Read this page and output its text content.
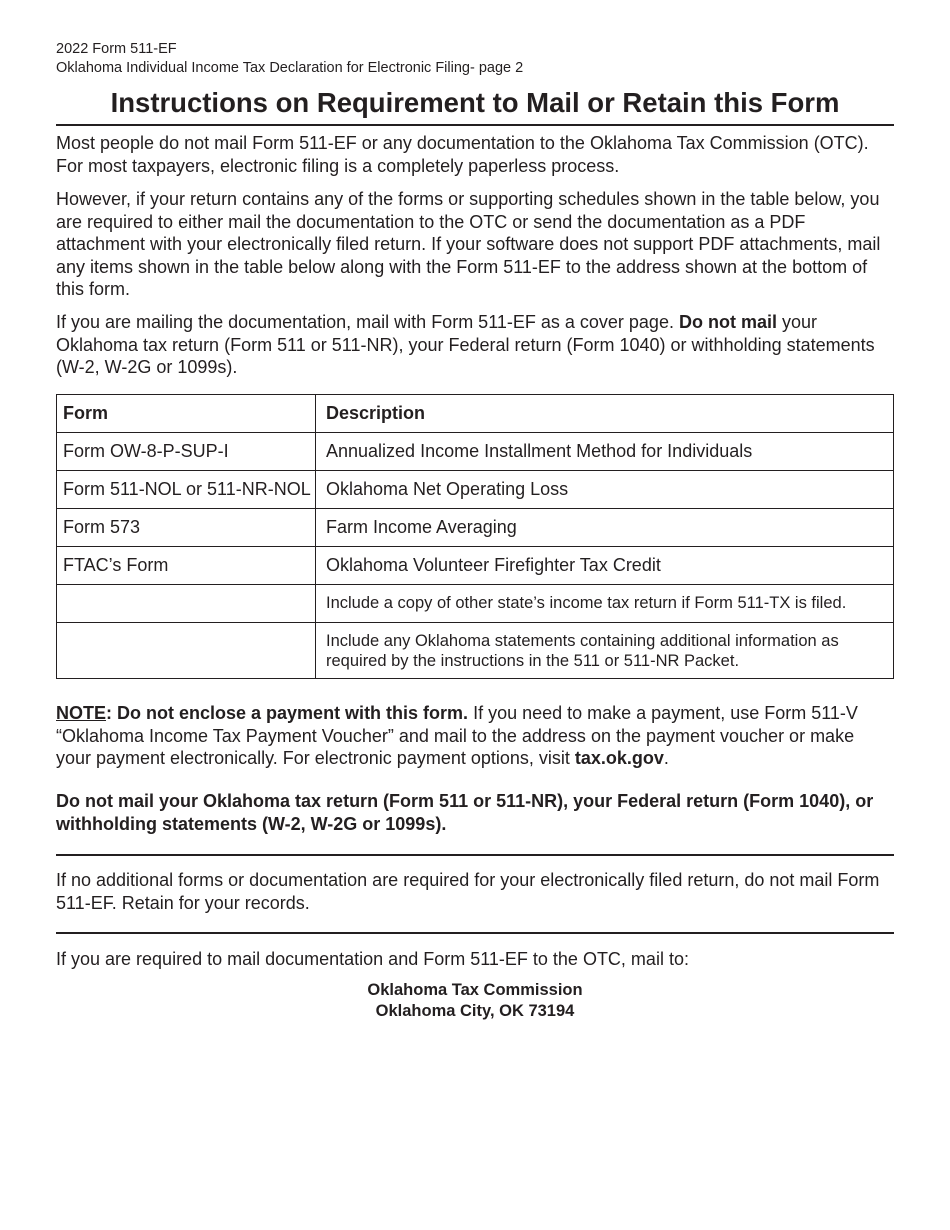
2022 Form 511-EF

Oklahoma Individual Income Tax Declaration for Electronic Filing- page 2

Instructions on Requirement to Mail or Retain this Form

Most people do not mail Form 511-EF or any documentation to the Oklahoma Tax Commission (OTC). For most taxpayers, electronic filing is a completely paperless process.

However, if your return contains any of the forms or supporting schedules shown in the table below, you are required to either mail the documentation to the OTC or send the documentation as a PDF attachment with your electronically filed return. If your software does not support PDF attachments, mail any items shown in the table below along with the Form 511-EF to the address shown at the bottom of this form.

If you are mailing the documentation, mail with Form 511-EF as a cover page. Do not mail your Oklahoma tax return (Form 511 or 511-NR), your Federal return (Form 1040) or withholding statements (W-2, W-2G or 1099s).

Form	Description
Form OW-8-P-SUP-I	Annualized Income Installment Method for Individuals
Form 511-NOL or 511-NR-NOL	Oklahoma Net Operating Loss
Form 573	Farm Income Averaging
FTAC’s Form	Oklahoma Volunteer Firefighter Tax Credit
	Include a copy of other state’s income tax return if Form 511-TX is filed.
	Include any Oklahoma statements containing additional information as required by the instructions in the 511 or 511-NR Packet.

NOTE: Do not enclose a payment with this form. If you need to make a payment, use Form 511-V “Oklahoma Income Tax Payment Voucher” and mail to the address on the payment voucher or make your payment electronically. For electronic payment options, visit tax.ok.gov.

Do not mail your Oklahoma tax return (Form 511 or 511-NR), your Federal return (Form 1040), or withholding statements (W-2, W-2G or 1099s).

If no additional forms or documentation are required for your electronically filed return, do not mail Form 511-EF. Retain for your records.

If you are required to mail documentation and Form 511-EF to the OTC, mail to:

Oklahoma Tax Commission
Oklahoma City, OK 73194
